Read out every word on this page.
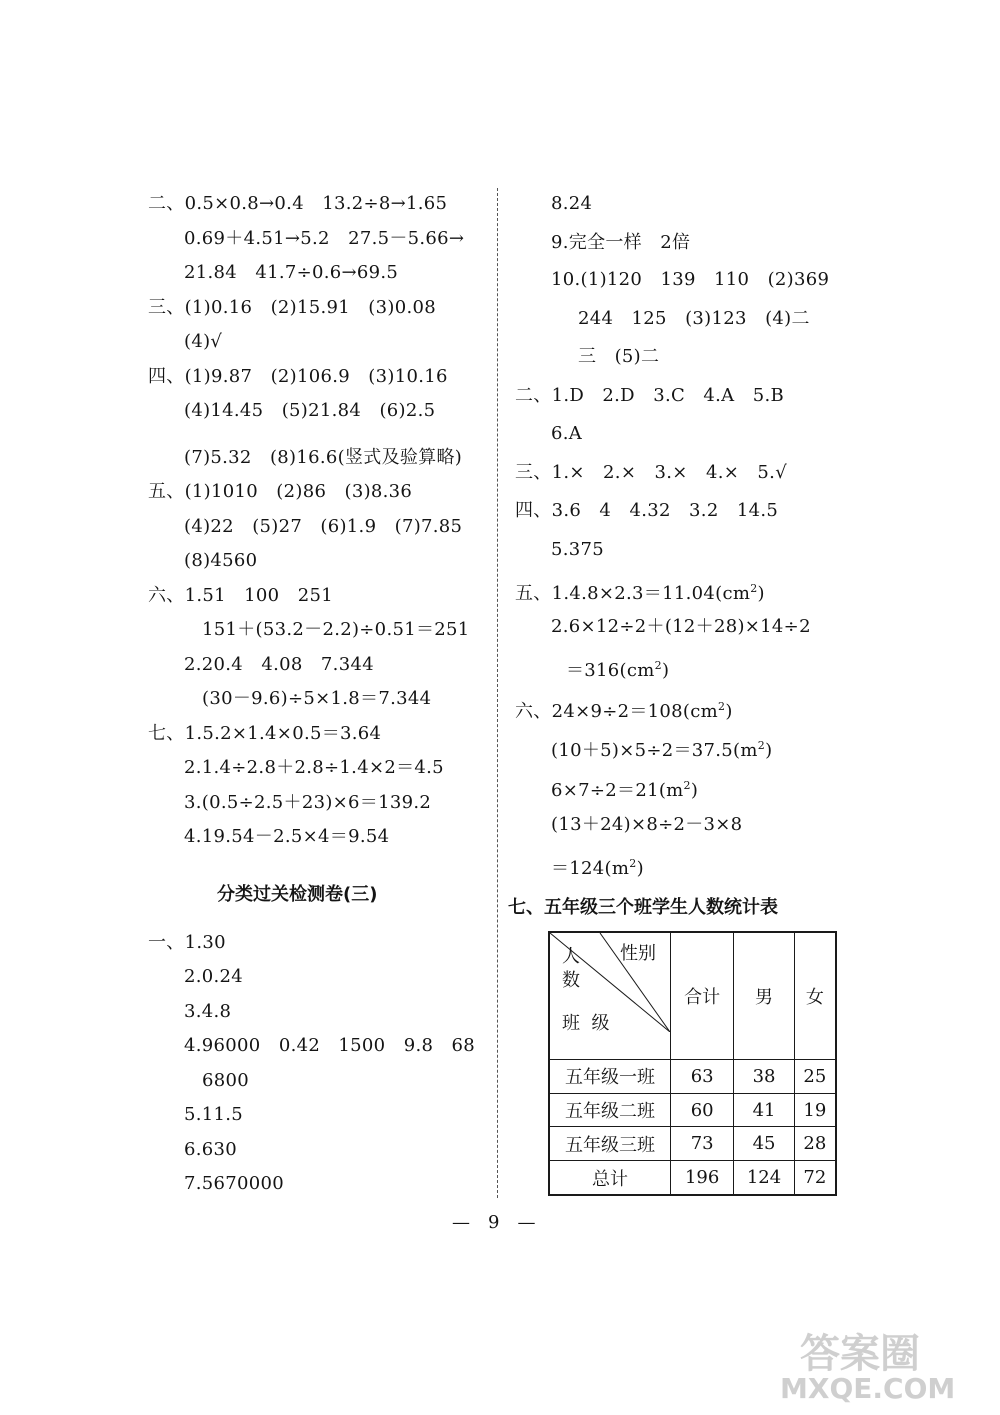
二、0.5×0.8→0.4　13.2÷8→1.65
0.69＋4.51→5.2　27.5－5.66→
21.84　41.7÷0.6→69.5
三、(1)0.16　(2)15.91　(3)0.08
(4)√
四、(1)9.87　(2)106.9　(3)10.16
(4)14.45　(5)21.84　(6)2.5
(7)5.32　(8)16.6(竖式及验算略)
五、(1)1010　(2)86　(3)8.36
(4)22　(5)27　(6)1.9　(7)7.85
(8)4560
六、1.51　100　251
151＋(53.2－2.2)÷0.51＝251
2.20.4　4.08　7.344
(30－9.6)÷5×1.8＝7.344
七、1.5.2×1.4×0.5＝3.64
2.1.4÷2.8＋2.8÷1.4×2＝4.5
3.(0.5÷2.5＋23)×6＝139.2
4.19.54－2.5×4＝9.54
分类过关检测卷(三)
一、1.30
2.0.24
3.4.8
4.96000　0.42　1500　9.8　68
6800
5.11.5
6.630
7.5670000
8.24
9.完全一样　2倍
10.(1)120　139　110　(2)369
244　125　(3)123　(4)二
三　(5)二
二、1.D　2.D　3.C　4.A　5.B
6.A
三、1.×　2.×　3.×　4.×　5.√
四、3.6　4　4.32　3.2　14.5
5.375
五、$1.4.8\times 2.3=11.04(cm^2)$
2.6×12÷2＋(12＋28)×14÷2
$=316(cm^2)$
六、$24\times 9\div 2=108(cm^2)$
$(10+5)\times 5\div 2=37.5(m^2)$
$6\times 7\div 2=21(m^2)$
(13＋24)×8÷2－3×8
$=124(m^2)$
七、五年级三个班学生人数统计表

性别

人
数

班  级	合计	男	女
五年级一班	63	38	25
五年级二班	60	41	19
五年级三班	73	45	28
总计	196	124	72
—　9　—
答案圈
MXQE.COM
